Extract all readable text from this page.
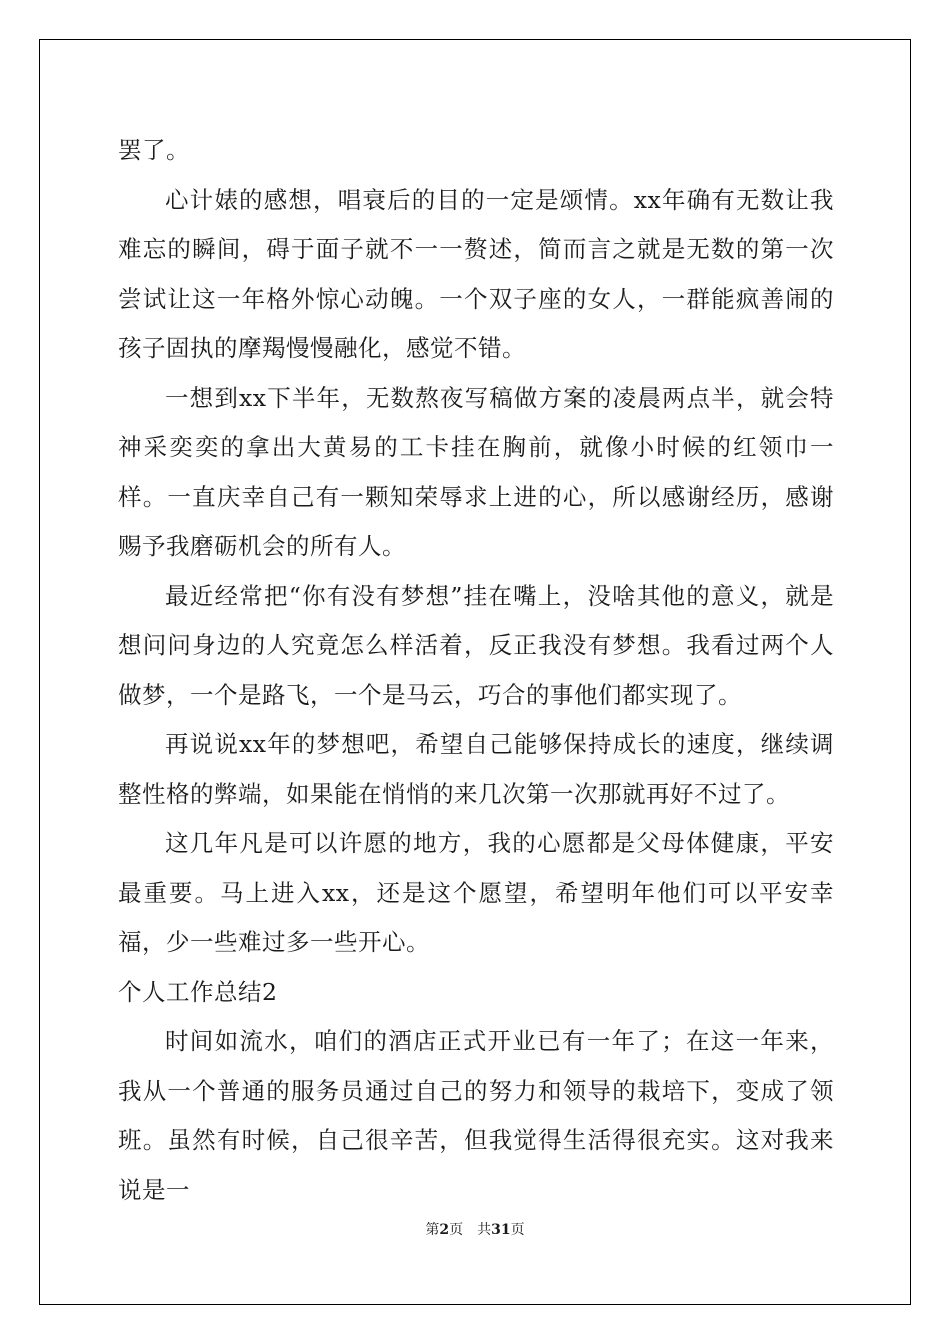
罢了。

心计婊的感想，唱衰后的目的一定是颂情。xx年确有无数让我难忘的瞬间，碍于面子就不一一赘述，简而言之就是无数的第一次尝试让这一年格外惊心动魄。一个双子座的女人，一群能疯善闹的孩子固执的摩羯慢慢融化，感觉不错。

一想到xx下半年，无数熬夜写稿做方案的凌晨两点半，就会特神采奕奕的拿出大黄易的工卡挂在胸前，就像小时候的红领巾一样。一直庆幸自己有一颗知荣辱求上进的心，所以感谢经历，感谢赐予我磨砺机会的所有人。

最近经常把“你有没有梦想”挂在嘴上，没啥其他的意义，就是想问问身边的人究竟怎么样活着，反正我没有梦想。我看过两个人做梦，一个是路飞，一个是马云，巧合的事他们都实现了。

再说说xx年的梦想吧，希望自己能够保持成长的速度，继续调整性格的弊端，如果能在悄悄的来几次第一次那就再好不过了。

这几年凡是可以许愿的地方，我的心愿都是父母体健康，平安最重要。马上进入xx，还是这个愿望，希望明年他们可以平安幸福，少一些难过多一些开心。

个人工作总结2

时间如流水，咱们的酒店正式开业已有一年了；在这一年来，我从一个普通的服务员通过自己的努力和领导的栽培下，变成了领班。虽然有时候，自己很辛苦，但我觉得生活得很充实。这对我来说是一

第2页 共31页
